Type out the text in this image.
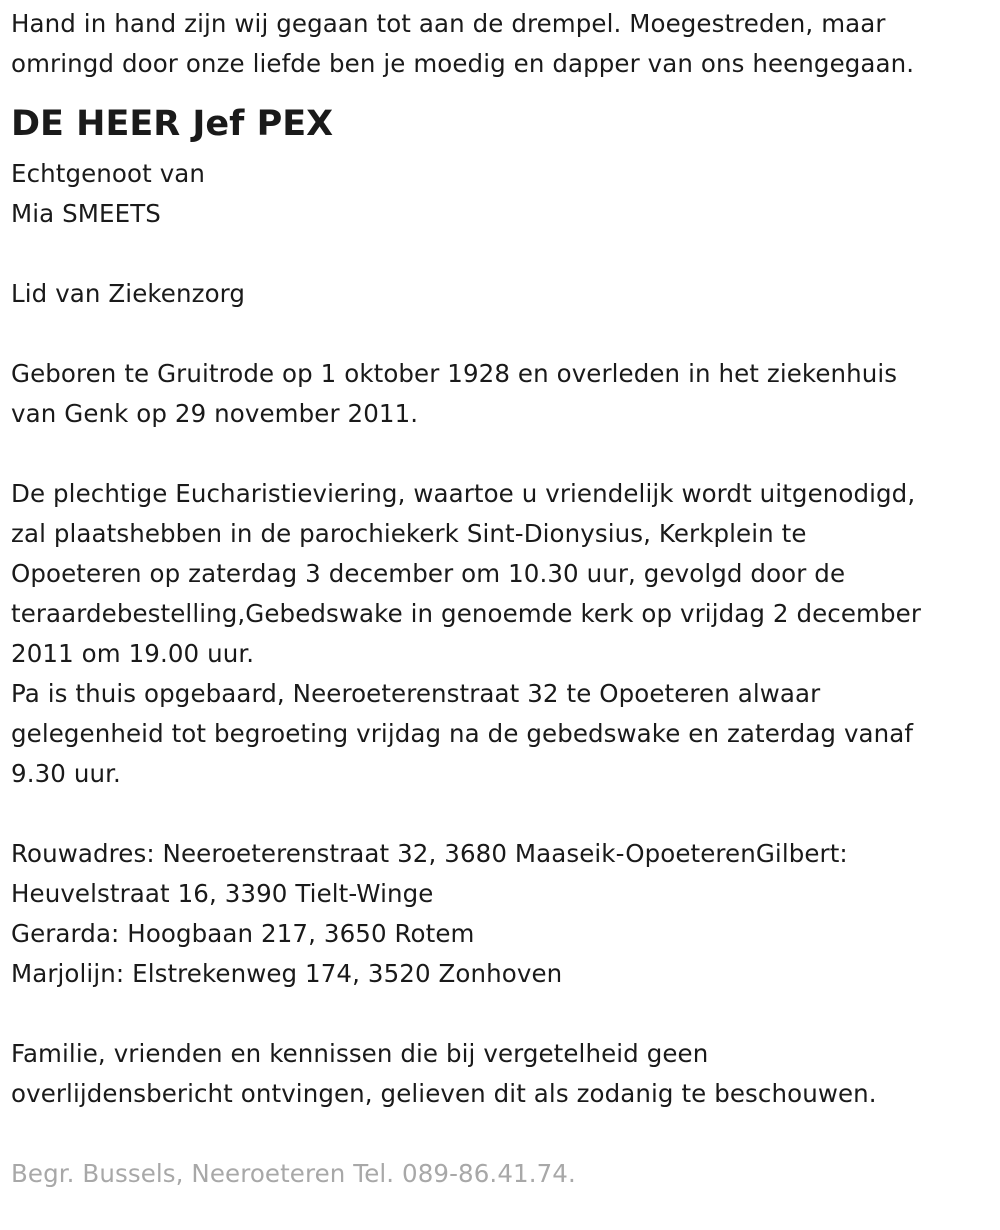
Hand in hand zijn wij gegaan tot aan de drempel. Moegestreden, maar
omringd door onze liefde ben je moedig en dapper van ons heengegaan.
DE HEER Jef PEX
Echtgenoot van
Mia SMEETS
Lid van Ziekenzorg
Geboren te Gruitrode op 1 oktober 1928 en overleden in het ziekenhuis
van Genk op 29 november 2011.
De plechtige Eucharistieviering, waartoe u vriendelijk wordt uitgenodigd,
zal plaatshebben in de parochiekerk Sint-Dionysius, Kerkplein te
Opoeteren op zaterdag 3 december om 10.30 uur, gevolgd door de
teraardebestelling,Gebedswake in genoemde kerk op vrijdag 2 december
2011 om 19.00 uur.
Pa is thuis opgebaard, Neeroeterenstraat 32 te Opoeteren alwaar
gelegenheid tot begroeting vrijdag na de gebedswake en zaterdag vanaf
9.30 uur.
Rouwadres: Neeroeterenstraat 32, 3680 Maaseik-OpoeterenGilbert:
Heuvelstraat 16, 3390 Tielt-Winge
Gerarda: Hoogbaan 217, 3650 Rotem
Marjolijn: Elstrekenweg 174, 3520 Zonhoven
Familie, vrienden en kennissen die bij vergetelheid geen
overlijdensbericht ontvingen, gelieven dit als zodanig te beschouwen.
Begr. Bussels, Neeroeteren Tel. 089-86.41.74.
